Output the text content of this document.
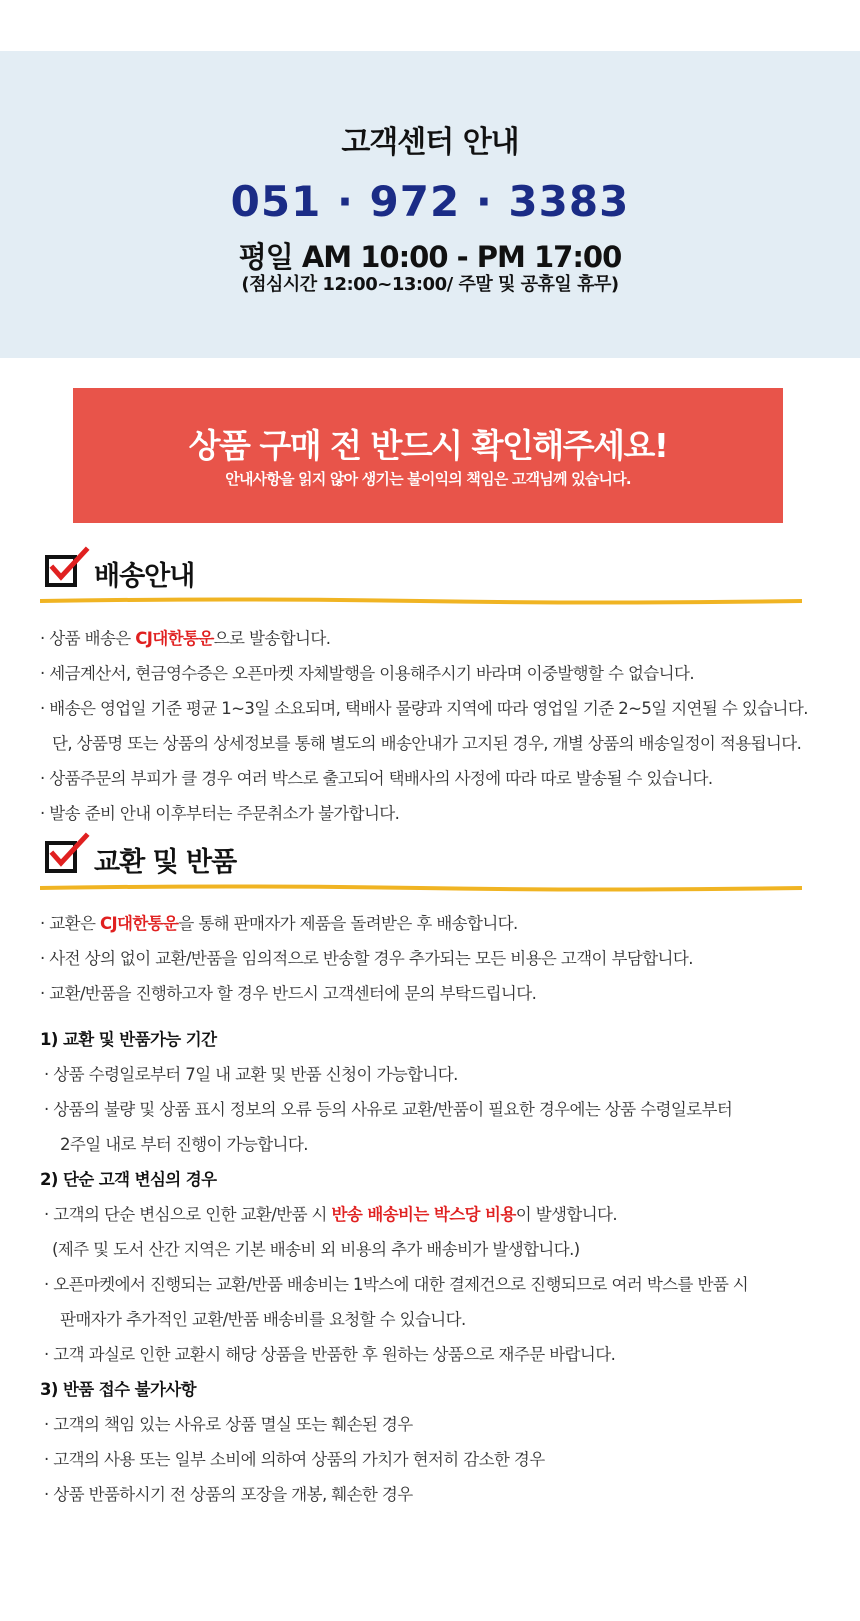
고객센터 안내
051 · 972 · 3383
평일 AM 10:00 - PM 17:00
(점심시간 12:00~13:00/ 주말 및 공휴일 휴무)
상품 구매 전 반드시 확인해주세요!
안내사항을 읽지 않아 생기는 불이익의 책임은 고객님께 있습니다.
배송안내
· 상품 배송은 CJ대한통운으로 발송합니다.
· 세금계산서, 현금영수증은 오픈마켓 자체발행을 이용해주시기 바라며 이중발행할 수 없습니다.
· 배송은 영업일 기준 평균 1~3일 소요되며, 택배사 물량과 지역에 따라 영업일 기준 2~5일 지연될 수 있습니다.
단, 상품명 또는 상품의 상세정보를 통해 별도의 배송안내가 고지된 경우, 개별 상품의 배송일정이 적용됩니다.
· 상품주문의 부피가 클 경우 여러 박스로 출고되어 택배사의 사정에 따라 따로 발송될 수 있습니다.
· 발송 준비 안내 이후부터는 주문취소가 불가합니다.
교환 및 반품
· 교환은 CJ대한통운을 통해 판매자가 제품을 돌려받은 후 배송합니다.
· 사전 상의 없이 교환/반품을 임의적으로 반송할 경우 추가되는 모든 비용은 고객이 부담합니다.
· 교환/반품을 진행하고자 할 경우 반드시 고객센터에 문의 부탁드립니다.
1) 교환 및 반품가능 기간
· 상품 수령일로부터 7일 내 교환 및 반품 신청이 가능합니다.
· 상품의 불량 및 상품 표시 정보의 오류 등의 사유로 교환/반품이 필요한 경우에는 상품 수령일로부터
2주일 내로 부터 진행이 가능합니다.
2) 단순 고객 변심의 경우
· 고객의 단순 변심으로 인한 교환/반품 시 반송 배송비는 박스당 비용이 발생합니다.
(제주 및 도서 산간 지역은 기본 배송비 외 비용의 추가 배송비가 발생합니다.)
· 오픈마켓에서 진행되는 교환/반품 배송비는 1박스에 대한 결제건으로 진행되므로 여러 박스를 반품 시
판매자가 추가적인 교환/반품 배송비를 요청할 수 있습니다.
· 고객 과실로 인한 교환시 해당 상품을 반품한 후 원하는 상품으로 재주문 바랍니다.
3) 반품 접수 불가사항
· 고객의 책임 있는 사유로 상품 멸실 또는 훼손된 경우
· 고객의 사용 또는 일부 소비에 의하여 상품의 가치가 현저히 감소한 경우
· 상품 반품하시기 전 상품의 포장을 개봉, 훼손한 경우
